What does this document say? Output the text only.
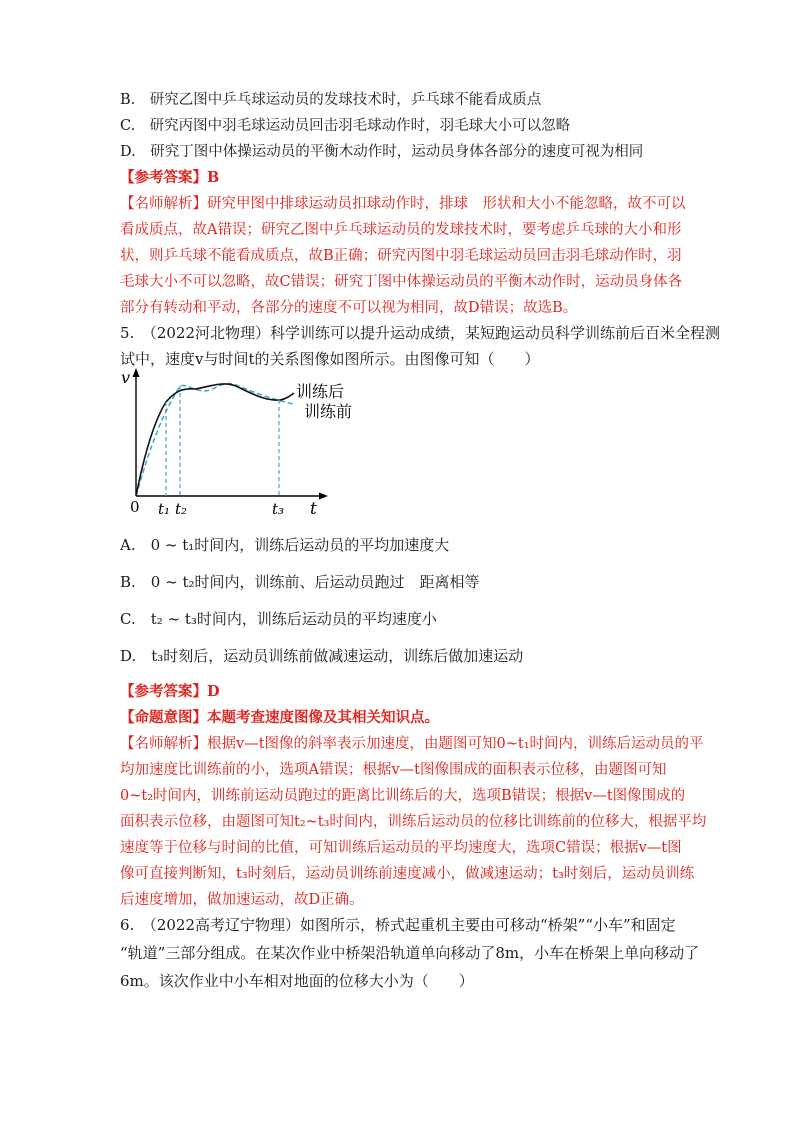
B.　研究乙图中乒乓球运动员的发球技术时，乒乓球不能看成质点
C.　研究丙图中羽毛球运动员回击羽毛球动作时，羽毛球大小可以忽略
D.　研究丁图中体操运动员的平衡木动作时，运动员身体各部分的速度可视为相同
【参考答案】B
【名师解析】研究甲图中排球运动员扣球动作时，排球　形状和大小不能忽略，故不可以
看成质点，故A错误；研究乙图中乒乓球运动员的发球技术时，要考虑乒乓球的大小和形
状，则乒乓球不能看成质点，故B正确；研究丙图中羽毛球运动员回击羽毛球动作时，羽
毛球大小不可以忽略，故C错误；研究丁图中体操运动员的平衡木动作时，运动员身体各
部分有转动和平动，各部分的速度不可以视为相同，故D错误；故选B。
5.　（2022河北物理）科学训练可以提升运动成绩，某短跑运动员科学训练前后百米全程测
试中，速度v与时间t的关系图像如图所示。由图像可知（　　）
v
t
0 t₁ t₂	t₃
训练后
训练前
A.　0 ~ t₁时间内，训练后运动员的平均加速度大
B.　0 ~ t₂时间内，训练前、后运动员跑过　距离相等
C.　t₂ ~ t₃时间内，训练后运动员的平均速度小
D.　t₃时刻后，运动员训练前做减速运动，训练后做加速运动
【参考答案】D
【命题意图】本题考查速度图像及其相关知识点。
【名师解析】根据v—t图像的斜率表示加速度，由题图可知0~t₁时间内，训练后运动员的平
均加速度比训练前的小，选项A错误；根据v—t图像围成的面积表示位移，由题图可知
0~t₂时间内，训练前运动员跑过的距离比训练后的大，选项B错误；根据v—t图像围成的
面积表示位移，由题图可知t₂~t₃时间内，训练后运动员的位移比训练前的位移大，根据平均
速度等于位移与时间的比值，可知训练后运动员的平均速度大，选项C错误；根据v—t图
像可直接判断知，t₃时刻后，运动员训练前速度减小，做减速运动；t₃时刻后，运动员训练
后速度增加，做加速运动，故D正确。
6.　（2022高考辽宁物理）如图所示，桥式起重机主要由可移动“桥架”“小车”和固定
“轨道”三部分组成。在某次作业中桥架沿轨道单向移动了8m，小车在桥架上单向移动了
6m。该次作业中小车相对地面的位移大小为（　　）
